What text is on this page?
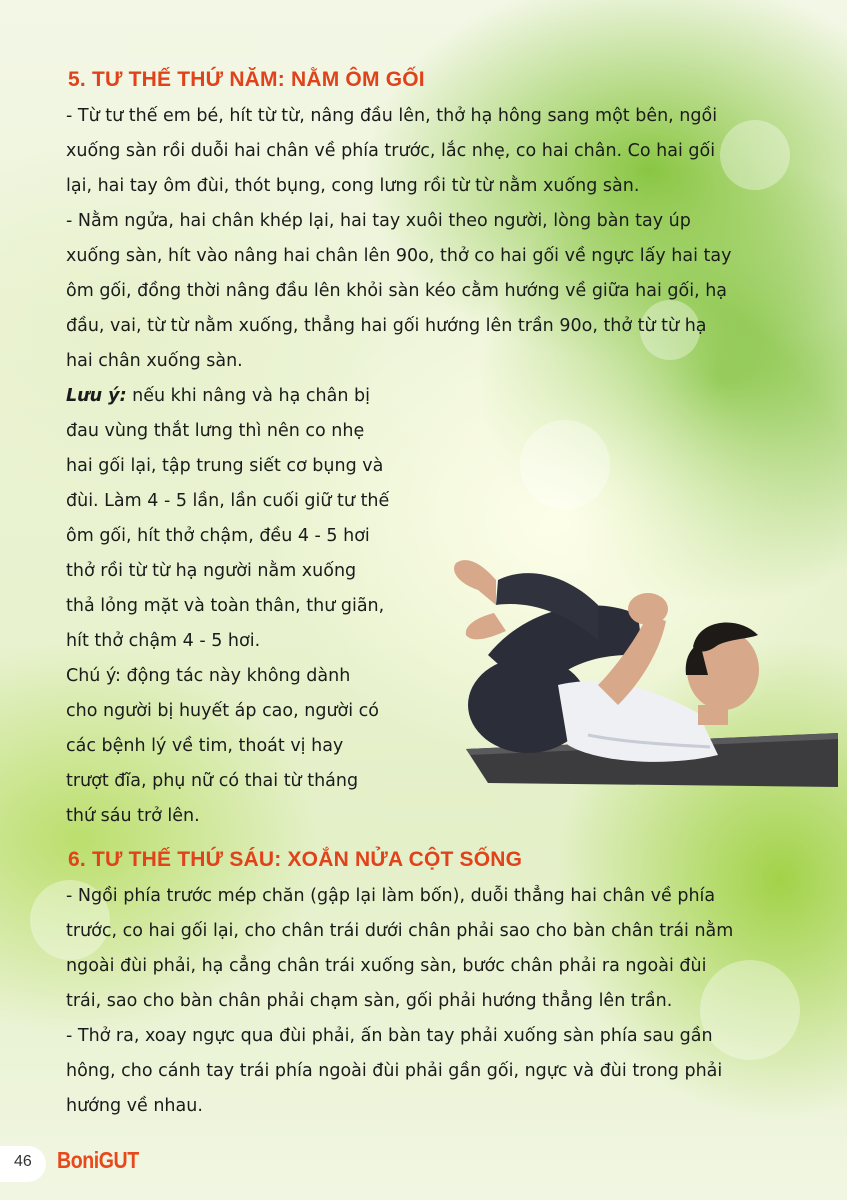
5. TƯ THẾ THỨ NĂM: NẰM ÔM GỐI
- Từ tư thế em bé, hít từ từ, nâng đầu lên, thở hạ hông sang một bên, ngồi
xuống sàn rồi duỗi hai chân về phía trước, lắc nhẹ, co hai chân. Co hai gối
lại, hai tay ôm đùi, thót bụng, cong lưng rồi từ từ nằm xuống sàn.
- Nằm ngửa, hai chân khép lại, hai tay xuôi theo người, lòng bàn tay úp
xuống sàn, hít vào nâng hai chân lên 90o, thở co hai gối về ngực lấy hai tay
ôm gối, đồng thời nâng đầu lên khỏi sàn kéo cằm hướng về giữa hai gối, hạ
đầu, vai, từ từ nằm xuống, thẳng hai gối hướng lên trần 90o, thở từ từ hạ
hai chân xuống sàn.
Lưu ý: nếu khi nâng và hạ chân bị
đau vùng thắt lưng thì nên co nhẹ
hai gối lại, tập trung siết cơ bụng và
đùi. Làm 4 - 5 lần, lần cuối giữ tư thế
ôm gối, hít thở chậm, đều 4 - 5 hơi
thở rồi từ từ hạ người nằm xuống
thả lỏng mặt và toàn thân, thư giãn,
hít thở chậm 4 - 5 hơi.
Chú ý: động tác này không dành
cho người bị huyết áp cao, người có
các bệnh lý về tim, thoát vị hay
trượt đĩa, phụ nữ có thai từ tháng
thứ sáu trở lên.
6. TƯ THẾ THỨ SÁU: XOẮN NỬA CỘT SỐNG
- Ngồi phía trước mép chăn (gập lại làm bốn), duỗi thẳng hai chân về phía
trước, co hai gối lại, cho chân trái dưới chân phải sao cho bàn chân trái nằm
ngoài đùi phải, hạ cẳng chân trái xuống sàn, bước chân phải ra ngoài đùi
trái, sao cho bàn chân phải chạm sàn, gối phải hướng thẳng lên trần.
- Thở ra, xoay ngực qua đùi phải, ấn bàn tay phải xuống sàn phía sau gần
hông, cho cánh tay trái phía ngoài đùi phải gần gối, ngực và đùi trong phải
hướng về nhau.

46 BoniGUT
